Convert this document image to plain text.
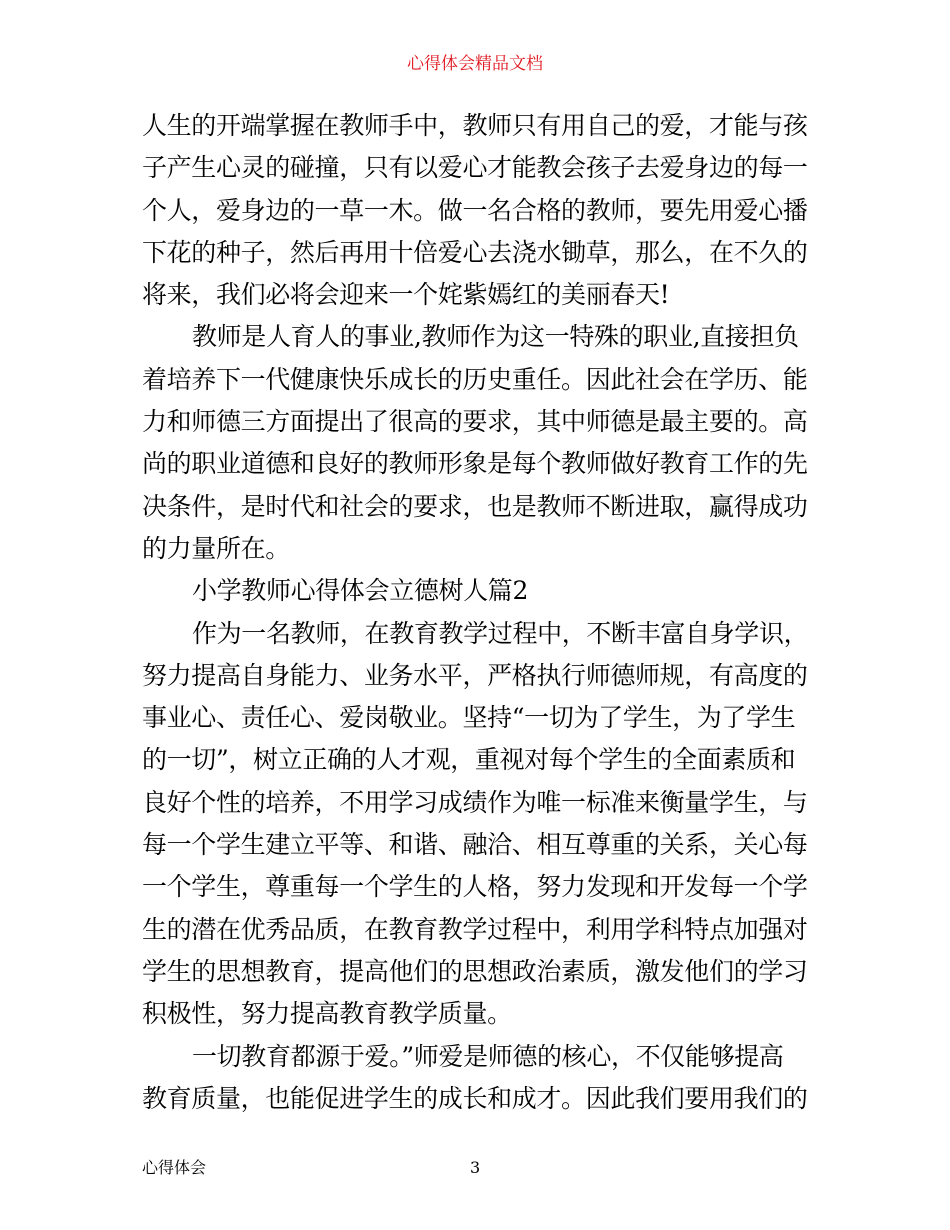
心得体会精品文档

人生的开端掌握在教师手中，教师只有用自己的爱，才能与孩
子产生心灵的碰撞，只有以爱心才能教会孩子去爱身边的每一
个人，爱身边的一草一木。做一名合格的教师，要先用爱心播
下花的种子，然后再用十倍爱心去浇水锄草，那么，在不久的
将来，我们必将会迎来一个姹紫嫣红的美丽春天!

教师是人育人的事业,教师作为这一特殊的职业,直接担负
着培养下一代健康快乐成长的历史重任。因此社会在学历、能
力和师德三方面提出了很高的要求，其中师德是最主要的。高
尚的职业道德和良好的教师形象是每个教师做好教育工作的先
决条件，是时代和社会的要求，也是教师不断进取，赢得成功
的力量所在。

小学教师心得体会立德树人篇2

作为一名教师，在教育教学过程中，不断丰富自身学识，
努力提高自身能力、业务水平，严格执行师德师规，有高度的
事业心、责任心、爱岗敬业。坚持“一切为了学生，为了学生
的一切”，树立正确的人才观，重视对每个学生的全面素质和
良好个性的培养，不用学习成绩作为唯一标准来衡量学生，与
每一个学生建立平等、和谐、融洽、相互尊重的关系，关心每
一个学生，尊重每一个学生的人格，努力发现和开发每一个学
生的潜在优秀品质，在教育教学过程中，利用学科特点加强对
学生的思想教育，提高他们的思想政治素质，激发他们的学习
积极性，努力提高教育教学质量。

一切教育都源于爱。”师爱是师德的核心，不仅能够提高
教育质量，也能促进学生的成长和成才。因此我们要用我们的

心得体会	3
